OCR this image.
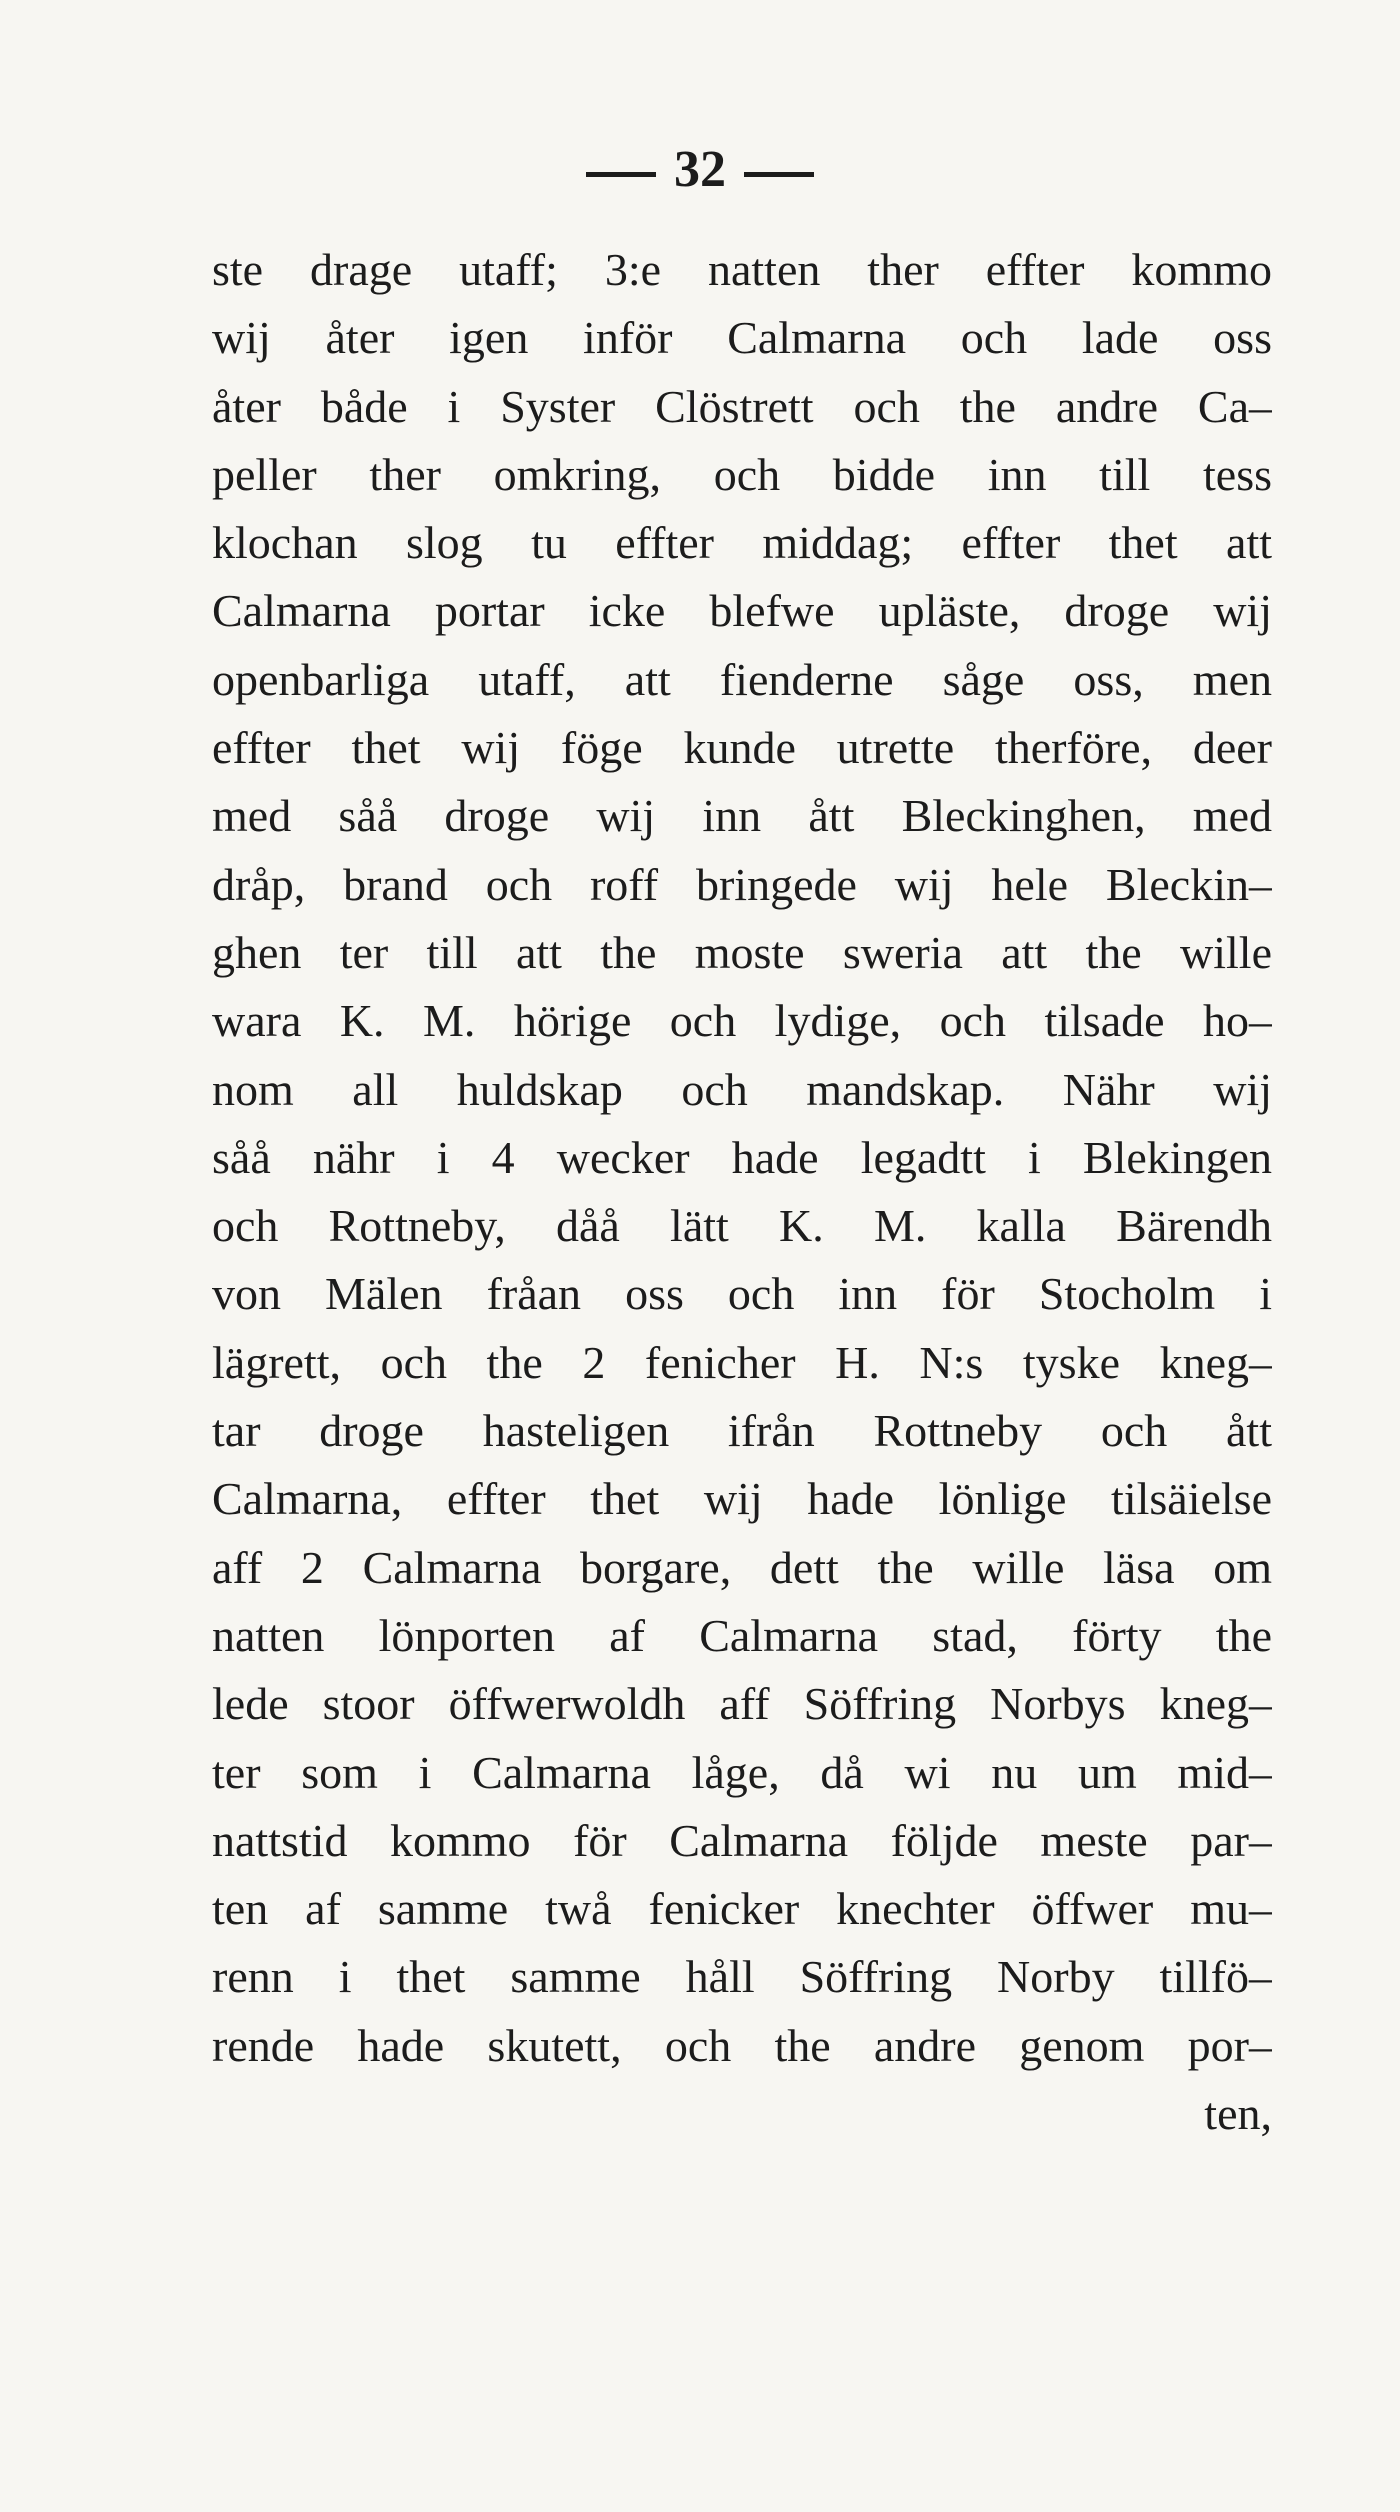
32
ste drage utaff; 3:e natten ther effter kommo
wij åter igen inför Calmarna och lade oss
åter både i Syster Clöstrett och the andre Ca–
peller ther omkring, och bidde inn till tess
klochan slog tu effter middag; effter thet att
Calmarna portar icke blefwe upläste, droge wij
openbarliga utaff, att fienderne såge oss, men
effter thet wij föge kunde utrette therföre, deer
med såå droge wij inn ått Bleckinghen, med
dråp, brand och roff bringede wij hele Bleckin–
ghen ter till att the moste sweria att the wille
wara K. M. hörige och lydige, och tilsade ho–
nom all huldskap och mandskap. Nähr wij
såå nähr i 4 wecker hade legadtt i Blekingen
och Rottneby, dåå lätt K. M. kalla Bärendh
von Mälen fråan oss och inn för Stocholm i
lägrett, och the 2 fenicher H. N:s tyske kneg–
tar droge hasteligen ifrån Rottneby och ått
Calmarna, effter thet wij hade lönlige tilsäielse
aff 2 Calmarna borgare, dett the wille läsa om
natten lönporten af Calmarna stad, förty the
lede stoor öffwerwoldh aff Söffring Norbys kneg–
ter som i Calmarna låge, då wi nu um mid–
nattstid kommo för Calmarna följde meste par–
ten af samme twå fenicker knechter öffwer mu–
renn i thet samme håll Söffring Norby tillfö–
rende hade skutett, och the andre genom por–
ten,
